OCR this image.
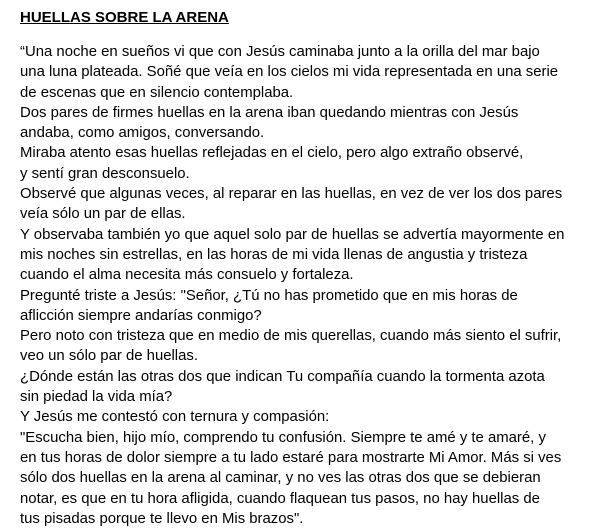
HUELLAS SOBRE LA ARENA
“Una noche en sueños vi que con Jesús caminaba junto a la orilla del mar bajo
una luna plateada. Soñé que veía en los cielos mi vida representada en una serie
de escenas que en silencio contemplaba.
Dos pares de firmes huellas en la arena iban quedando mientras con Jesús
andaba, como amigos, conversando.
Miraba atento esas huellas reflejadas en el cielo, pero algo extraño observé,
y sentí gran desconsuelo.
Observé que algunas veces, al reparar en las huellas, en vez de ver los dos pares
veía sólo un par de ellas.
Y observaba también yo que aquel solo par de huellas se advertía mayormente en
mis noches sin estrellas, en las horas de mi vida llenas de angustia y tristeza
cuando el alma necesita más consuelo y fortaleza.
Pregunté triste a Jesús: "Señor, ¿Tú no has prometido que en mis horas de
aflicción siempre andarías conmigo?
Pero noto con tristeza que en medio de mis querellas, cuando más siento el sufrir,
veo un sólo par de huellas.
¿Dónde están las otras dos que indican Tu compañía cuando la tormenta azota
sin piedad la vida mía?
Y Jesús me contestó con ternura y compasión:
"Escucha bien, hijo mío, comprendo tu confusión. Siempre te amé y te amaré, y
en tus horas de dolor siempre a tu lado estaré para mostrarte Mi Amor. Más si ves
sólo dos huellas en la arena al caminar, y no ves las otras dos que se debieran
notar, es que en tu hora afligida, cuando flaquean tus pasos, no hay huellas de
tus pisadas porque te llevo en Mis brazos".
